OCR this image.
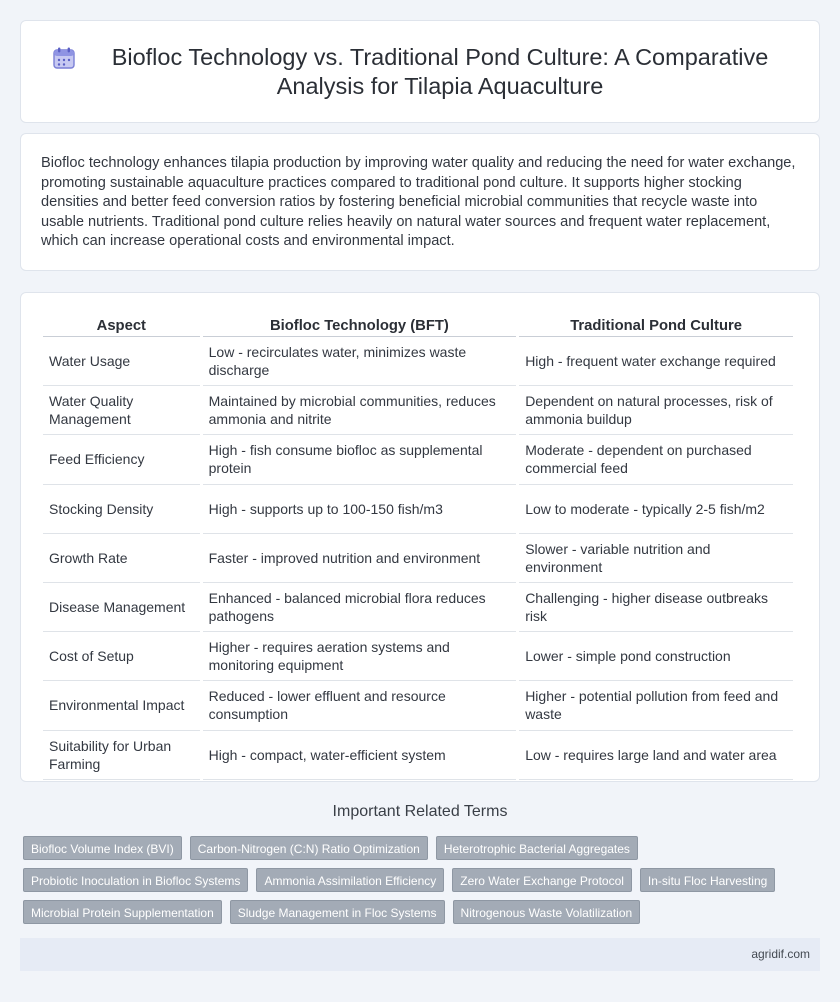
Biofloc Technology vs. Traditional Pond Culture: A Comparative Analysis for Tilapia Aquaculture

Biofloc technology enhances tilapia production by improving water quality and reducing the need for water exchange, promoting sustainable aquaculture practices compared to traditional pond culture. It supports higher stocking densities and better feed conversion ratios by fostering beneficial microbial communities that recycle waste into usable nutrients. Traditional pond culture relies heavily on natural water sources and frequent water replacement, which can increase operational costs and environmental impact.

Aspect	Biofloc Technology (BFT)	Traditional Pond Culture
Water Usage	Low - recirculates water, minimizes waste discharge	High - frequent water exchange required
Water Quality Management	Maintained by microbial communities, reduces ammonia and nitrite	Dependent on natural processes, risk of ammonia buildup
Feed Efficiency	High - fish consume biofloc as supplemental protein	Moderate - dependent on purchased commercial feed
Stocking Density	High - supports up to 100-150 fish/m3	Low to moderate - typically 2-5 fish/m2
Growth Rate	Faster - improved nutrition and environment	Slower - variable nutrition and environment
Disease Management	Enhanced - balanced microbial flora reduces pathogens	Challenging - higher disease outbreaks risk
Cost of Setup	Higher - requires aeration systems and monitoring equipment	Lower - simple pond construction
Environmental Impact	Reduced - lower effluent and resource consumption	Higher - potential pollution from feed and waste
Suitability for Urban Farming	High - compact, water-efficient system	Low - requires large land and water area
Important Related Terms
Biofloc Volume Index (BVI)	Carbon-Nitrogen (C:N) Ratio Optimization	Heterotrophic Bacterial Aggregates
Probiotic Inoculation in Biofloc Systems	Ammonia Assimilation Efficiency	Zero Water Exchange Protocol	In-situ Floc Harvesting
Microbial Protein Supplementation	Sludge Management in Floc Systems	Nitrogenous Waste Volatilization
agridif.com
